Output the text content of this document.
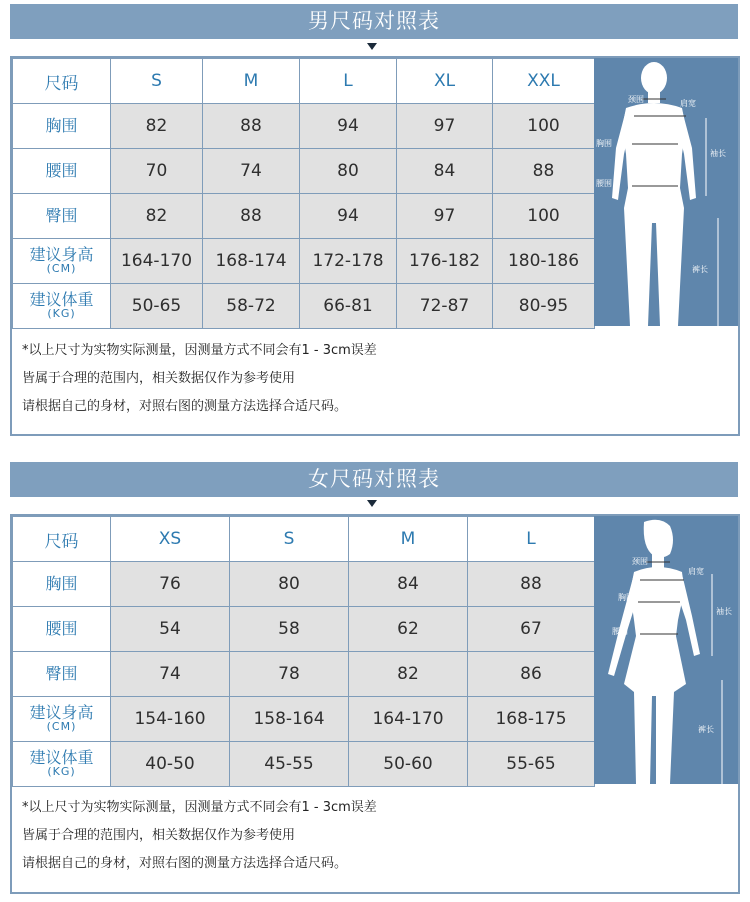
男尺码对照表
尺码	S	M	L	XL	XXL
胸围	82	88	94	97	100
腰围	70	74	80	84	88
臀围	82	88	94	97	100
建议身高
(CM)	164-170	168-174	172-178	176-182	180-186
建议体重
(KG)	50-65	58-72	66-81	72-87	80-95
颈围	肩宽
胸围
袖长
腰围
裤长
*以上尺寸为实物实际测量，因测量方式不同会有1 - 3cm误差
皆属于合理的范围内，相关数据仅作为参考使用
请根据自己的身材，对照右图的测量方法选择合适尺码。
女尺码对照表
尺码	XS	S	M	L
胸围	76	80	84	88
腰围	54	58	62	67
臀围	74	78	82	86
建议身高
(CM)	154-160	158-164	164-170	168-175
建议体重
(KG)	40-50	45-55	50-60	55-65
颈围
肩宽
胸围
袖长
腰围
裤长
*以上尺寸为实物实际测量，因测量方式不同会有1 - 3cm误差
皆属于合理的范围内，相关数据仅作为参考使用
请根据自己的身材，对照右图的测量方法选择合适尺码。
